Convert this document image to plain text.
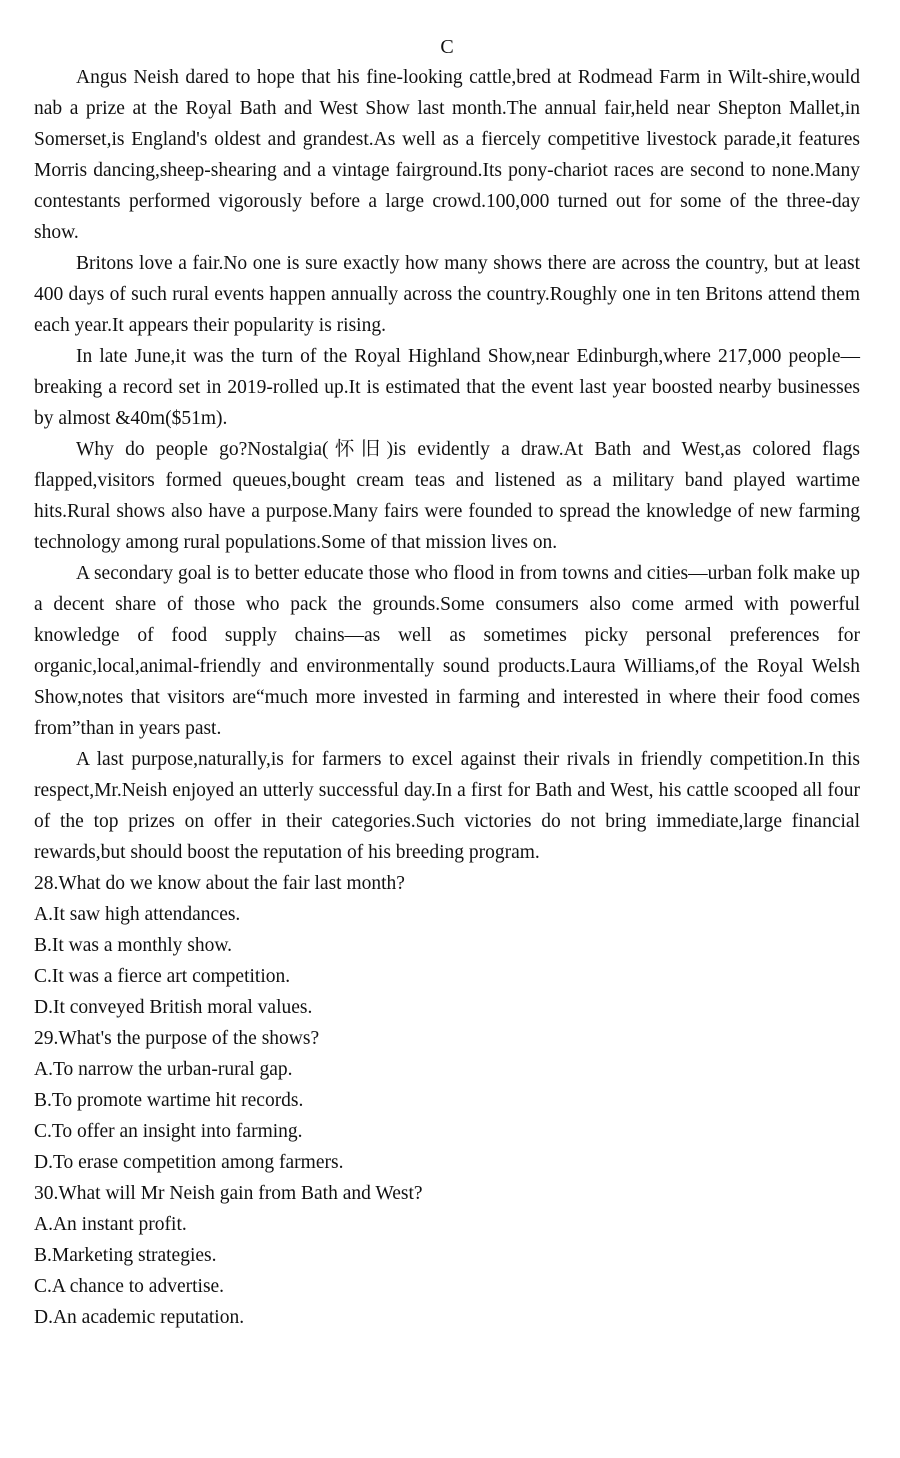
C

Angus Neish dared to hope that his fine-looking cattle,bred at Rodmead Farm in Wilt-shire,would nab a prize at the Royal Bath and West Show last month.The annual fair,held near Shepton Mallet,in Somerset,is England's oldest and grandest.As well as a fiercely competitive livestock parade,it features Morris dancing,sheep-shearing and a vintage fairground.Its pony-chariot races are second to none.Many contestants performed vigorously before a large crowd.100,000 turned out for some of the three-day show.

Britons love a fair.No one is sure exactly how many shows there are across the country, but at least 400 days of such rural events happen annually across the country.Roughly one in ten Britons attend them each year.It appears their popularity is rising.

In late June,it was the turn of the Royal Highland Show,near Edinburgh,where 217,000 people—breaking a record set in 2019-rolled up.It is estimated that the event last year boosted nearby businesses by almost &40m($51m).

Why do people go?Nostalgia(怀旧)is evidently a draw.At Bath and West,as colored flags flapped,visitors formed queues,bought cream teas and listened as a military band played wartime hits.Rural shows also have a purpose.Many fairs were founded to spread the knowledge of new farming technology among rural populations.Some of that mission lives on.

A secondary goal is to better educate those who flood in from towns and cities—urban folk make up a decent share of those who pack the grounds.Some consumers also come armed with powerful knowledge of food supply chains—as well as sometimes picky personal preferences for organic,local,animal-friendly and environmentally sound products.Laura Williams,of the Royal Welsh Show,notes that visitors are“much more invested in farming and interested in where their food comes from”than in years past.

A last purpose,naturally,is for farmers to excel against their rivals in friendly competition.In this respect,Mr.Neish enjoyed an utterly successful day.In a first for Bath and West, his cattle scooped all four of the top prizes on offer in their categories.Such victories do not bring immediate,large financial rewards,but should boost the reputation of his breeding program.

28.What do we know about the fair last month?

A.It saw high attendances.

B.It was a monthly show.

C.It was a fierce art competition.

D.It conveyed British moral values.

29.What's the purpose of the shows?

A.To narrow the urban-rural gap.

B.To promote wartime hit records.

C.To offer an insight into farming.

D.To erase competition among farmers.

30.What will Mr Neish gain from Bath and West?

A.An instant profit.

B.Marketing strategies.

C.A chance to advertise.

D.An academic reputation.
